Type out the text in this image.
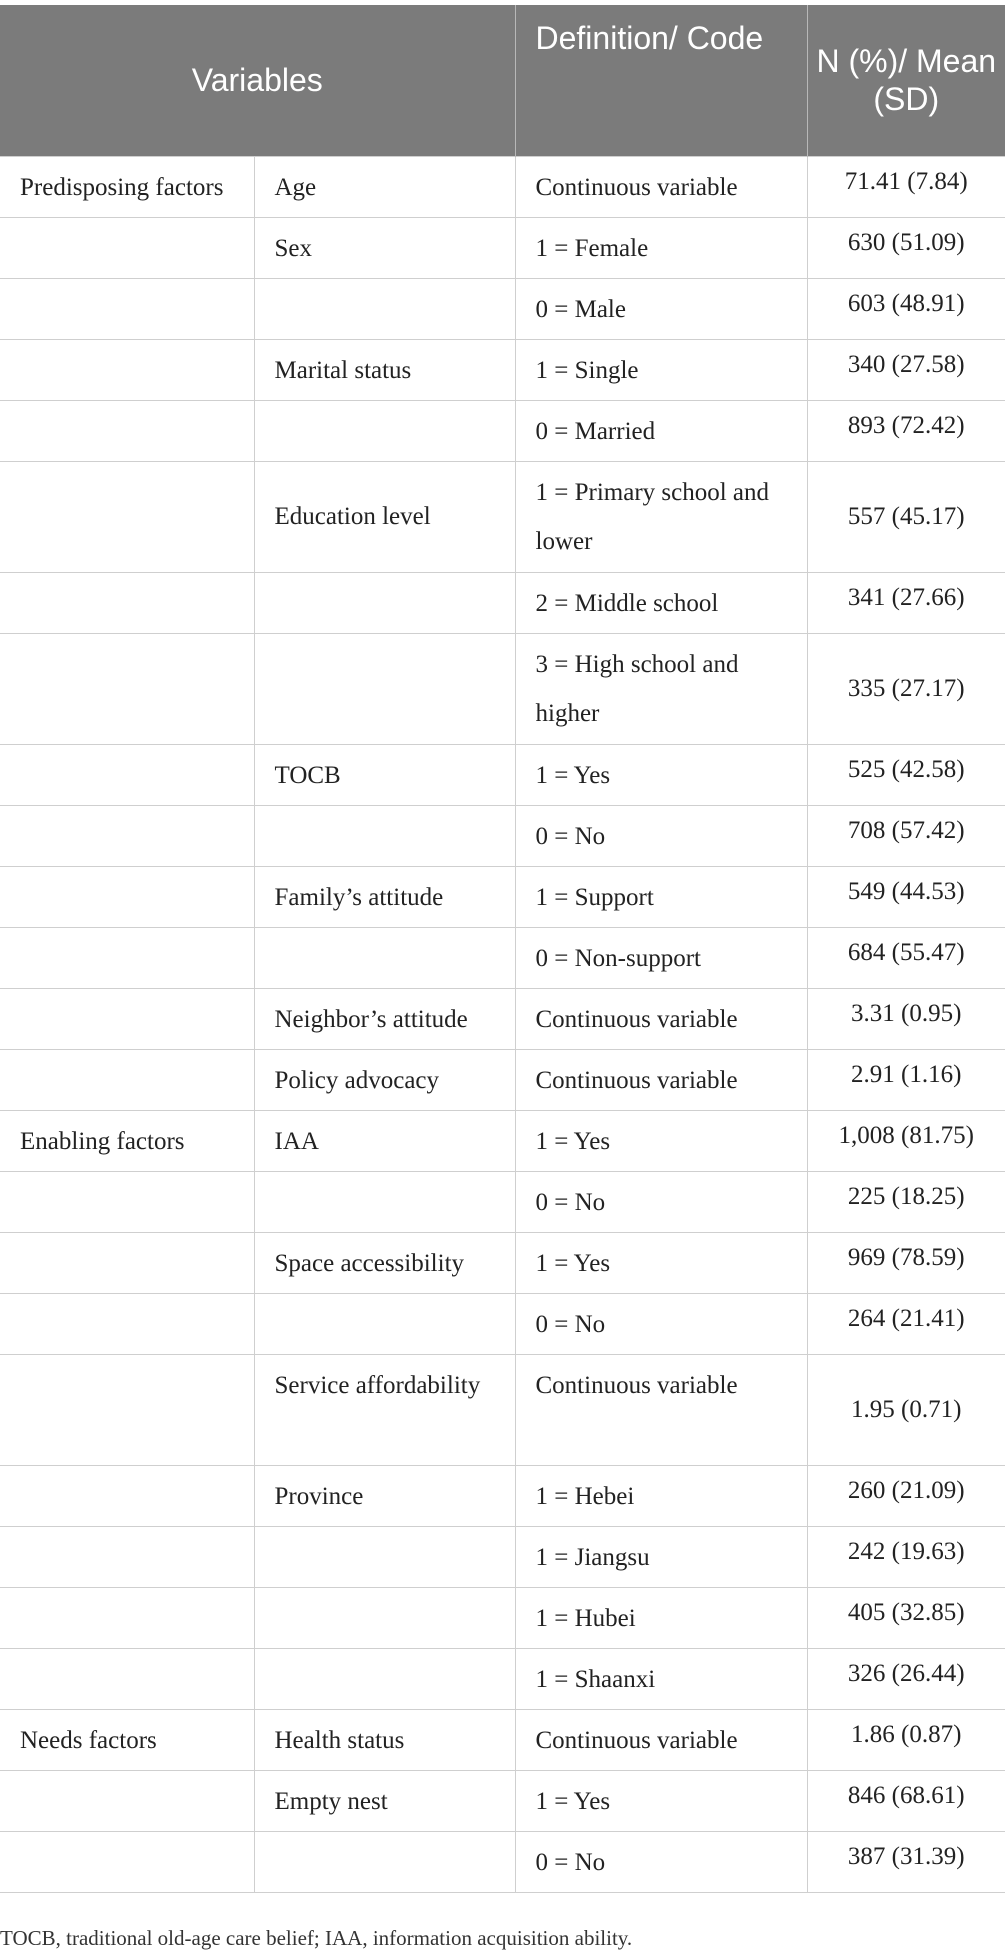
Variables		Definition/ Code	N (%)/ Mean (SD)
Predisposing factors	Age	Continuous variable	71.41 (7.84)
	Sex	1 = Female	630 (51.09)
		0 = Male	603 (48.91)
	Marital status	1 = Single	340 (27.58)
		0 = Married	893 (72.42)
	Education level	1 = Primary school and lower	557 (45.17)
		2 = Middle school	341 (27.66)
		3 = High school and higher	335 (27.17)
	TOCB	1 = Yes	525 (42.58)
		0 = No	708 (57.42)
	Family’s attitude	1 = Support	549 (44.53)
		0 = Non-support	684 (55.47)
	Neighbor’s attitude	Continuous variable	3.31 (0.95)
	Policy advocacy	Continuous variable	2.91 (1.16)
Enabling factors	IAA	1 = Yes	1,008 (81.75)
		0 = No	225 (18.25)
	Space accessibility	1 = Yes	969 (78.59)
		0 = No	264 (21.41)
	Service affordability	Continuous variable	1.95 (0.71)
	Province	1 = Hebei	260 (21.09)
		1 = Jiangsu	242 (19.63)
		1 = Hubei	405 (32.85)
		1 = Shaanxi	326 (26.44)
Needs factors	Health status	Continuous variable	1.86 (0.87)
	Empty nest	1 = Yes	846 (68.61)
		0 = No	387 (31.39)
TOCB, traditional old-age care belief; IAA, information acquisition ability.
